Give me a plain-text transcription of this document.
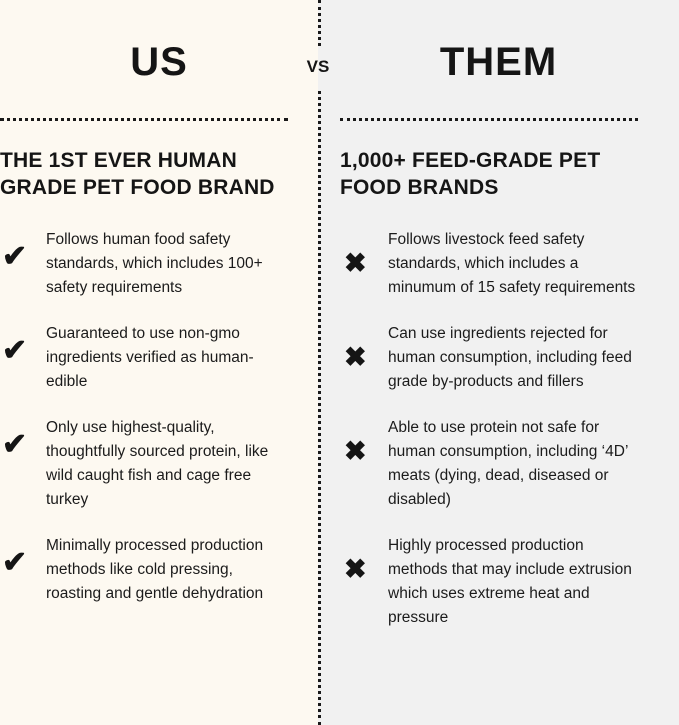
US	VS	THEM
THE 1ST EVER HUMAN GRADE PET FOOD BRAND
1,000+ FEED-GRADE PET FOOD BRANDS
✔
Follows human food safety standards, which includes 100+ safety requirements
✔
Guaranteed to use non-gmo ingredients verified as human-edible
✔
Only use highest-quality, thoughtfully sourced protein, like wild caught fish and cage free turkey
✔
Minimally processed production methods like cold pressing, roasting and gentle dehydration
✖
Follows livestock feed safety standards, which includes a minumum of 15 safety requirements
✖
Can use ingredients rejected for human consumption, including feed grade by-products and fillers
✖
Able to use protein not safe for human consumption, including ‘4D’ meats (dying, dead, diseased or disabled)
✖
Highly processed production methods that may include extrusion which uses extreme heat and pressure
